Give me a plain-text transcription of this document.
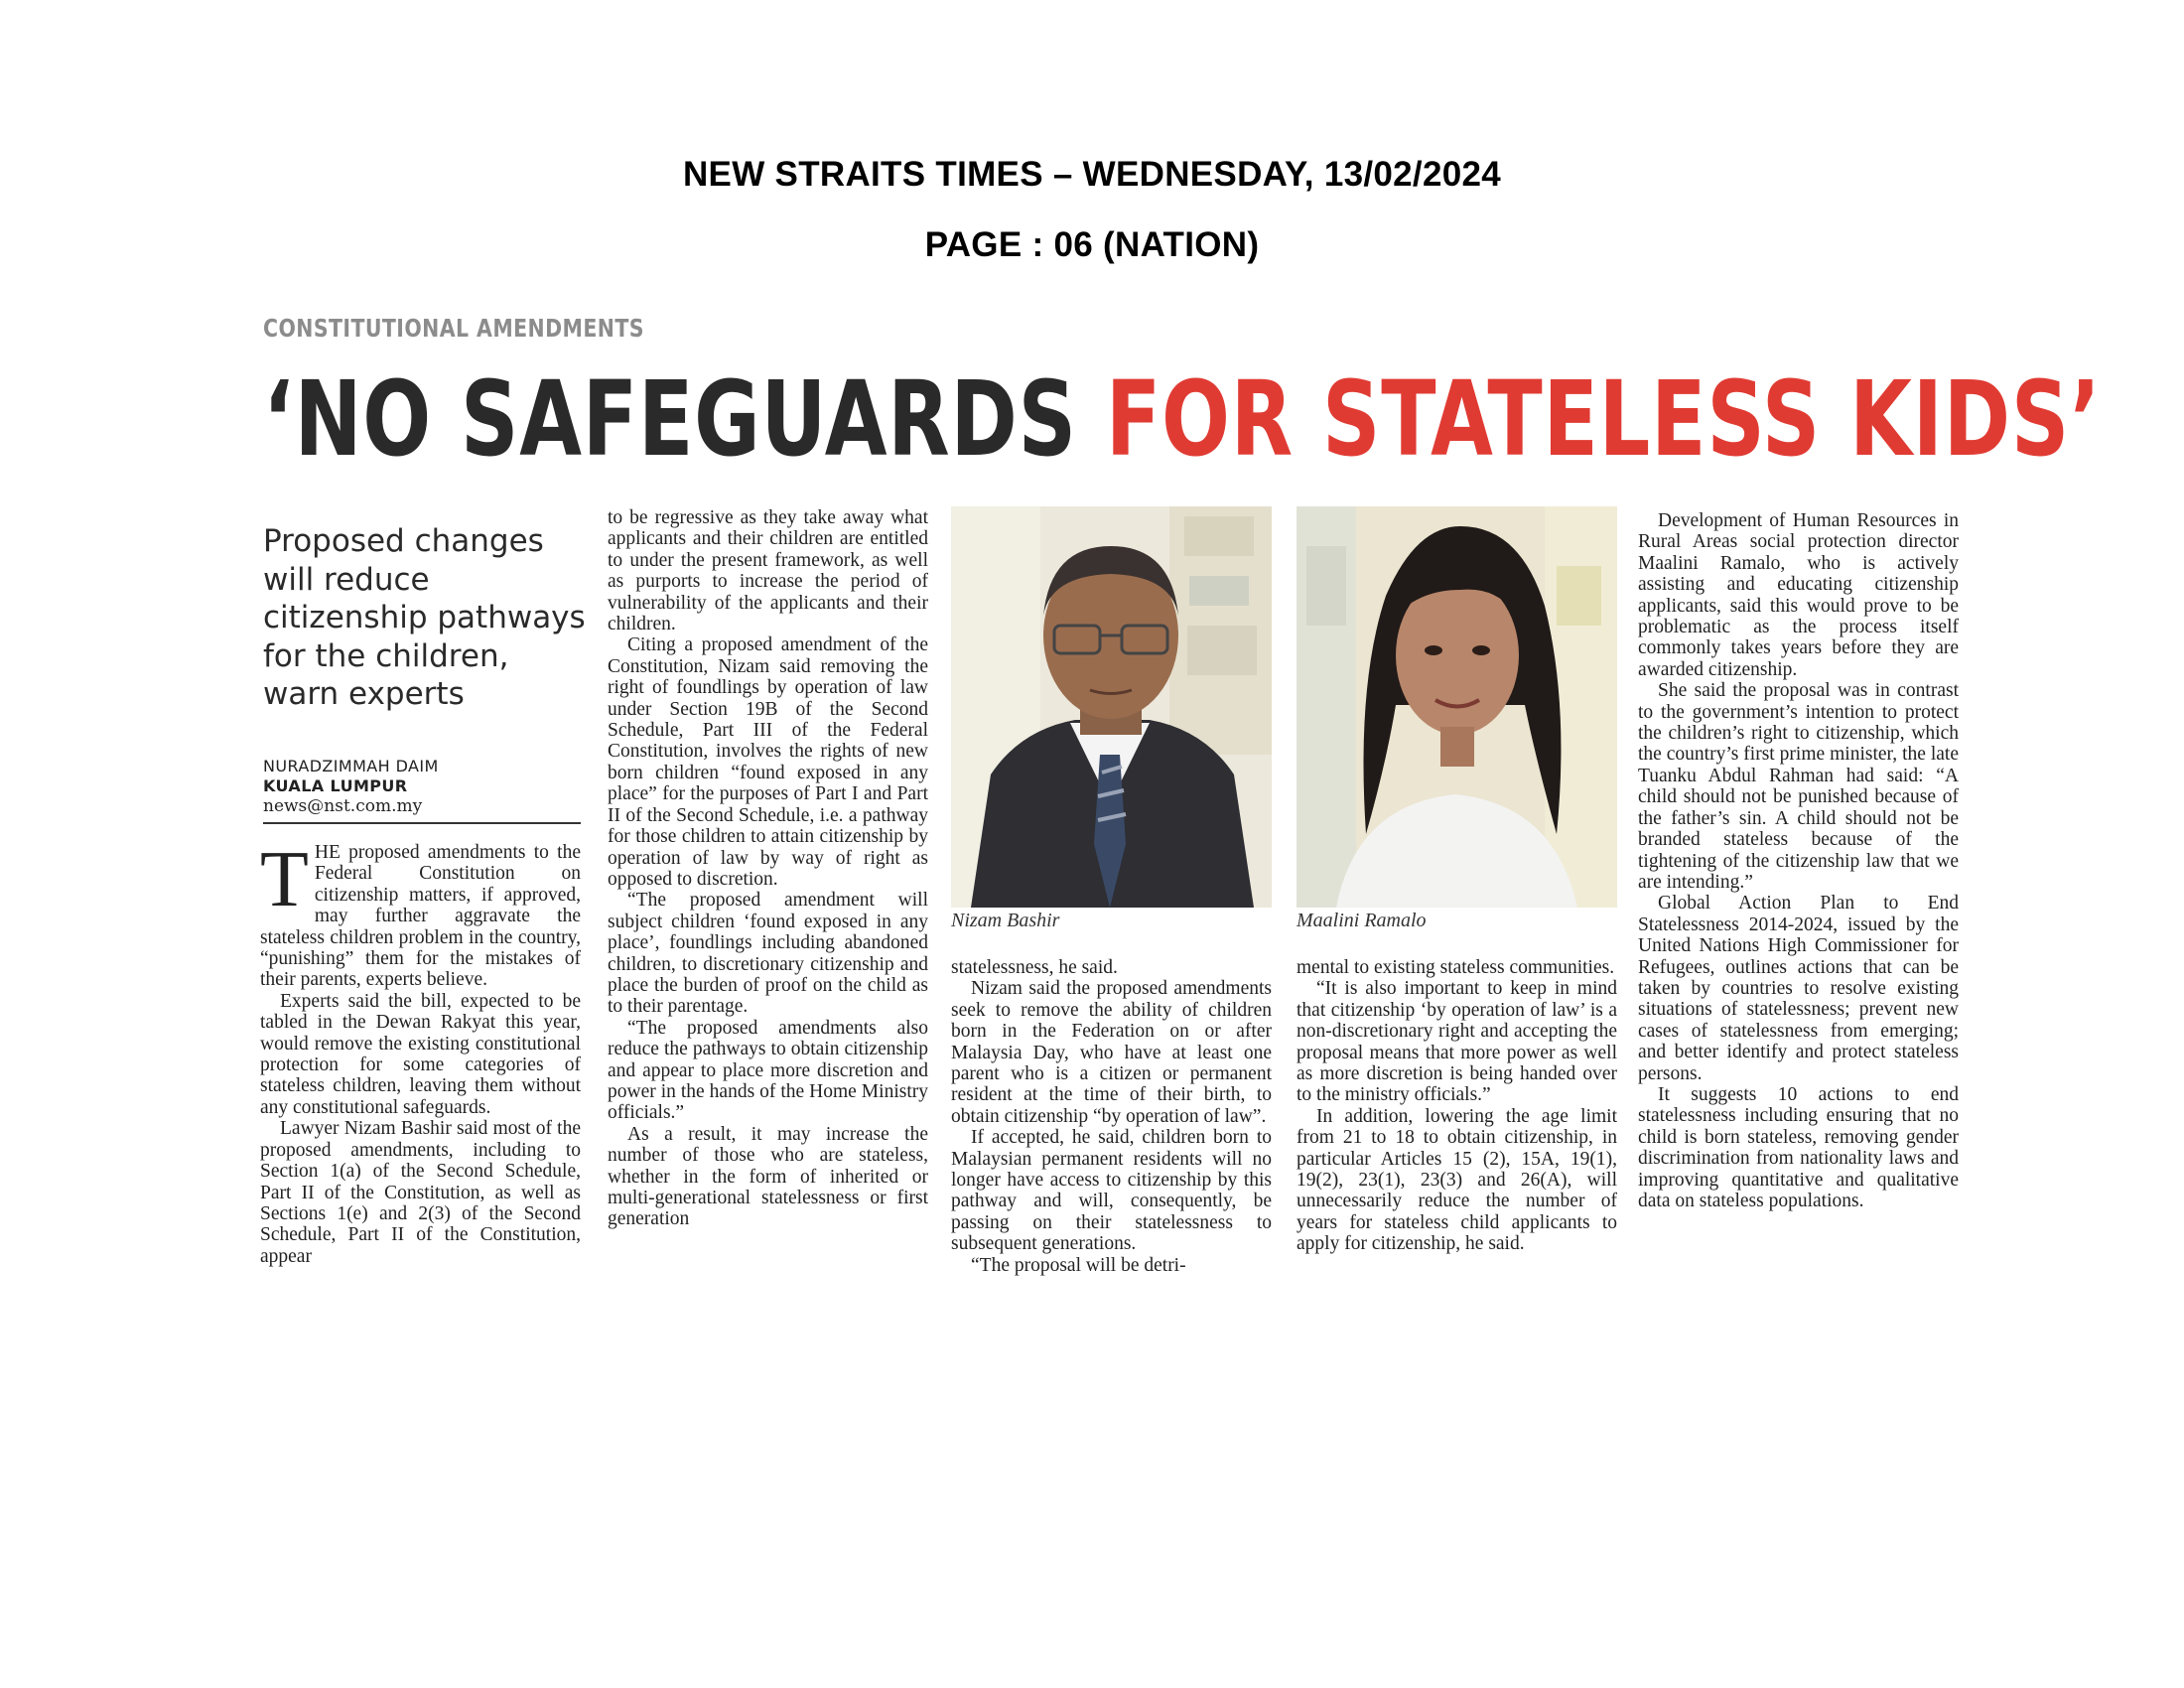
NEW STRAITS TIMES – WEDNESDAY, 13/02/2024
PAGE : 06 (NATION)
CONSTITUTIONAL AMENDMENTS
‘NO SAFEGUARDS FOR STATELESS KIDS’
Proposed changes will reduce citizenship pathways for the children, warn experts
NURADZIMMAH DAIM
KUALA LUMPUR
news@nst.com.my

THE proposed amendments to the Federal Constitution on citizenship matters, if approved, may further aggravate the stateless children problem in the country, “punishing” them for the mistakes of their parents, experts believe.

Experts said the bill, expected to be tabled in the Dewan Rakyat this year, would remove the existing constitutional protection for some categories of stateless children, leaving them without any constitutional safeguards.

Lawyer Nizam Bashir said most of the proposed amendments, including to Section 1(a) of the Second Schedule, Part II of the Constitution, as well as Sections 1(e) and 2(3) of the Second Schedule, Part II of the Constitution, appear

to be regressive as they take away what applicants and their children are entitled to under the present framework, as well as purports to increase the period of vulnerability of the applicants and their children.

Citing a proposed amendment of the Constitution, Nizam said removing the right of foundlings by operation of law under Section 19B of the Second Schedule, Part III of the Federal Constitution, involves the rights of new born children “found exposed in any place” for the purposes of Part I and Part II of the Second Schedule, i.e. a pathway for those children to attain citizenship by operation of law by way of right as opposed to discretion.

“The proposed amendment will subject children ‘found exposed in any place’, foundlings including abandoned children, to discretionary citizenship and place the burden of proof on the child as to their parentage.

“The proposed amendments also reduce the pathways to obtain citizenship and appear to place more discretion and power in the hands of the Home Ministry officials.”

As a result, it may increase the number of those who are stateless, whether in the form of inherited or multi-generational statelessness or first generation

Nizam Bashir	Maalini Ramalo

statelessness, he said.

Nizam said the proposed amendments seek to remove the ability of children born in the Federation on or after Malaysia Day, who have at least one parent who is a citizen or permanent resident at the time of their birth, to obtain citizenship “by operation of law”.

If accepted, he said, children born to Malaysian permanent residents will no longer have access to citizenship by this pathway and will, consequently, be passing on their statelessness to subsequent generations.

“The proposal will be detri-

mental to existing stateless communities.

“It is also important to keep in mind that citizenship ‘by operation of law’ is a non-discretionary right and accepting the proposal means that more power as well as more discretion is being handed over to the ministry officials.”

In addition, lowering the age limit from 21 to 18 to obtain citizenship, in particular Articles 15 (2), 15A, 19(1), 19(2), 23(1), 23(3) and 26(A), will unnecessarily reduce the number of years for stateless child applicants to apply for citizenship, he said.

Development of Human Resources in Rural Areas social protection director Maalini Ramalo, who is actively assisting and educating citizenship applicants, said this would prove to be problematic as the process itself commonly takes years before they are awarded citizenship.

She said the proposal was in contrast to the government’s intention to protect the children’s right to citizenship, which the country’s first prime minister, the late Tuanku Abdul Rahman had said: “A child should not be punished because of the father’s sin. A child should not be branded stateless because of the tightening of the citizenship law that we are intending.”

Global Action Plan to End Statelessness 2014-2024, issued by the United Nations High Commissioner for Refugees, outlines actions that can be taken by countries to resolve existing situations of statelessness; prevent new cases of statelessness from emerging; and better identify and protect stateless persons.

It suggests 10 actions to end statelessness including ensuring that no child is born stateless, removing gender discrimination from nationality laws and improving quantitative and qualitative data on stateless populations.
